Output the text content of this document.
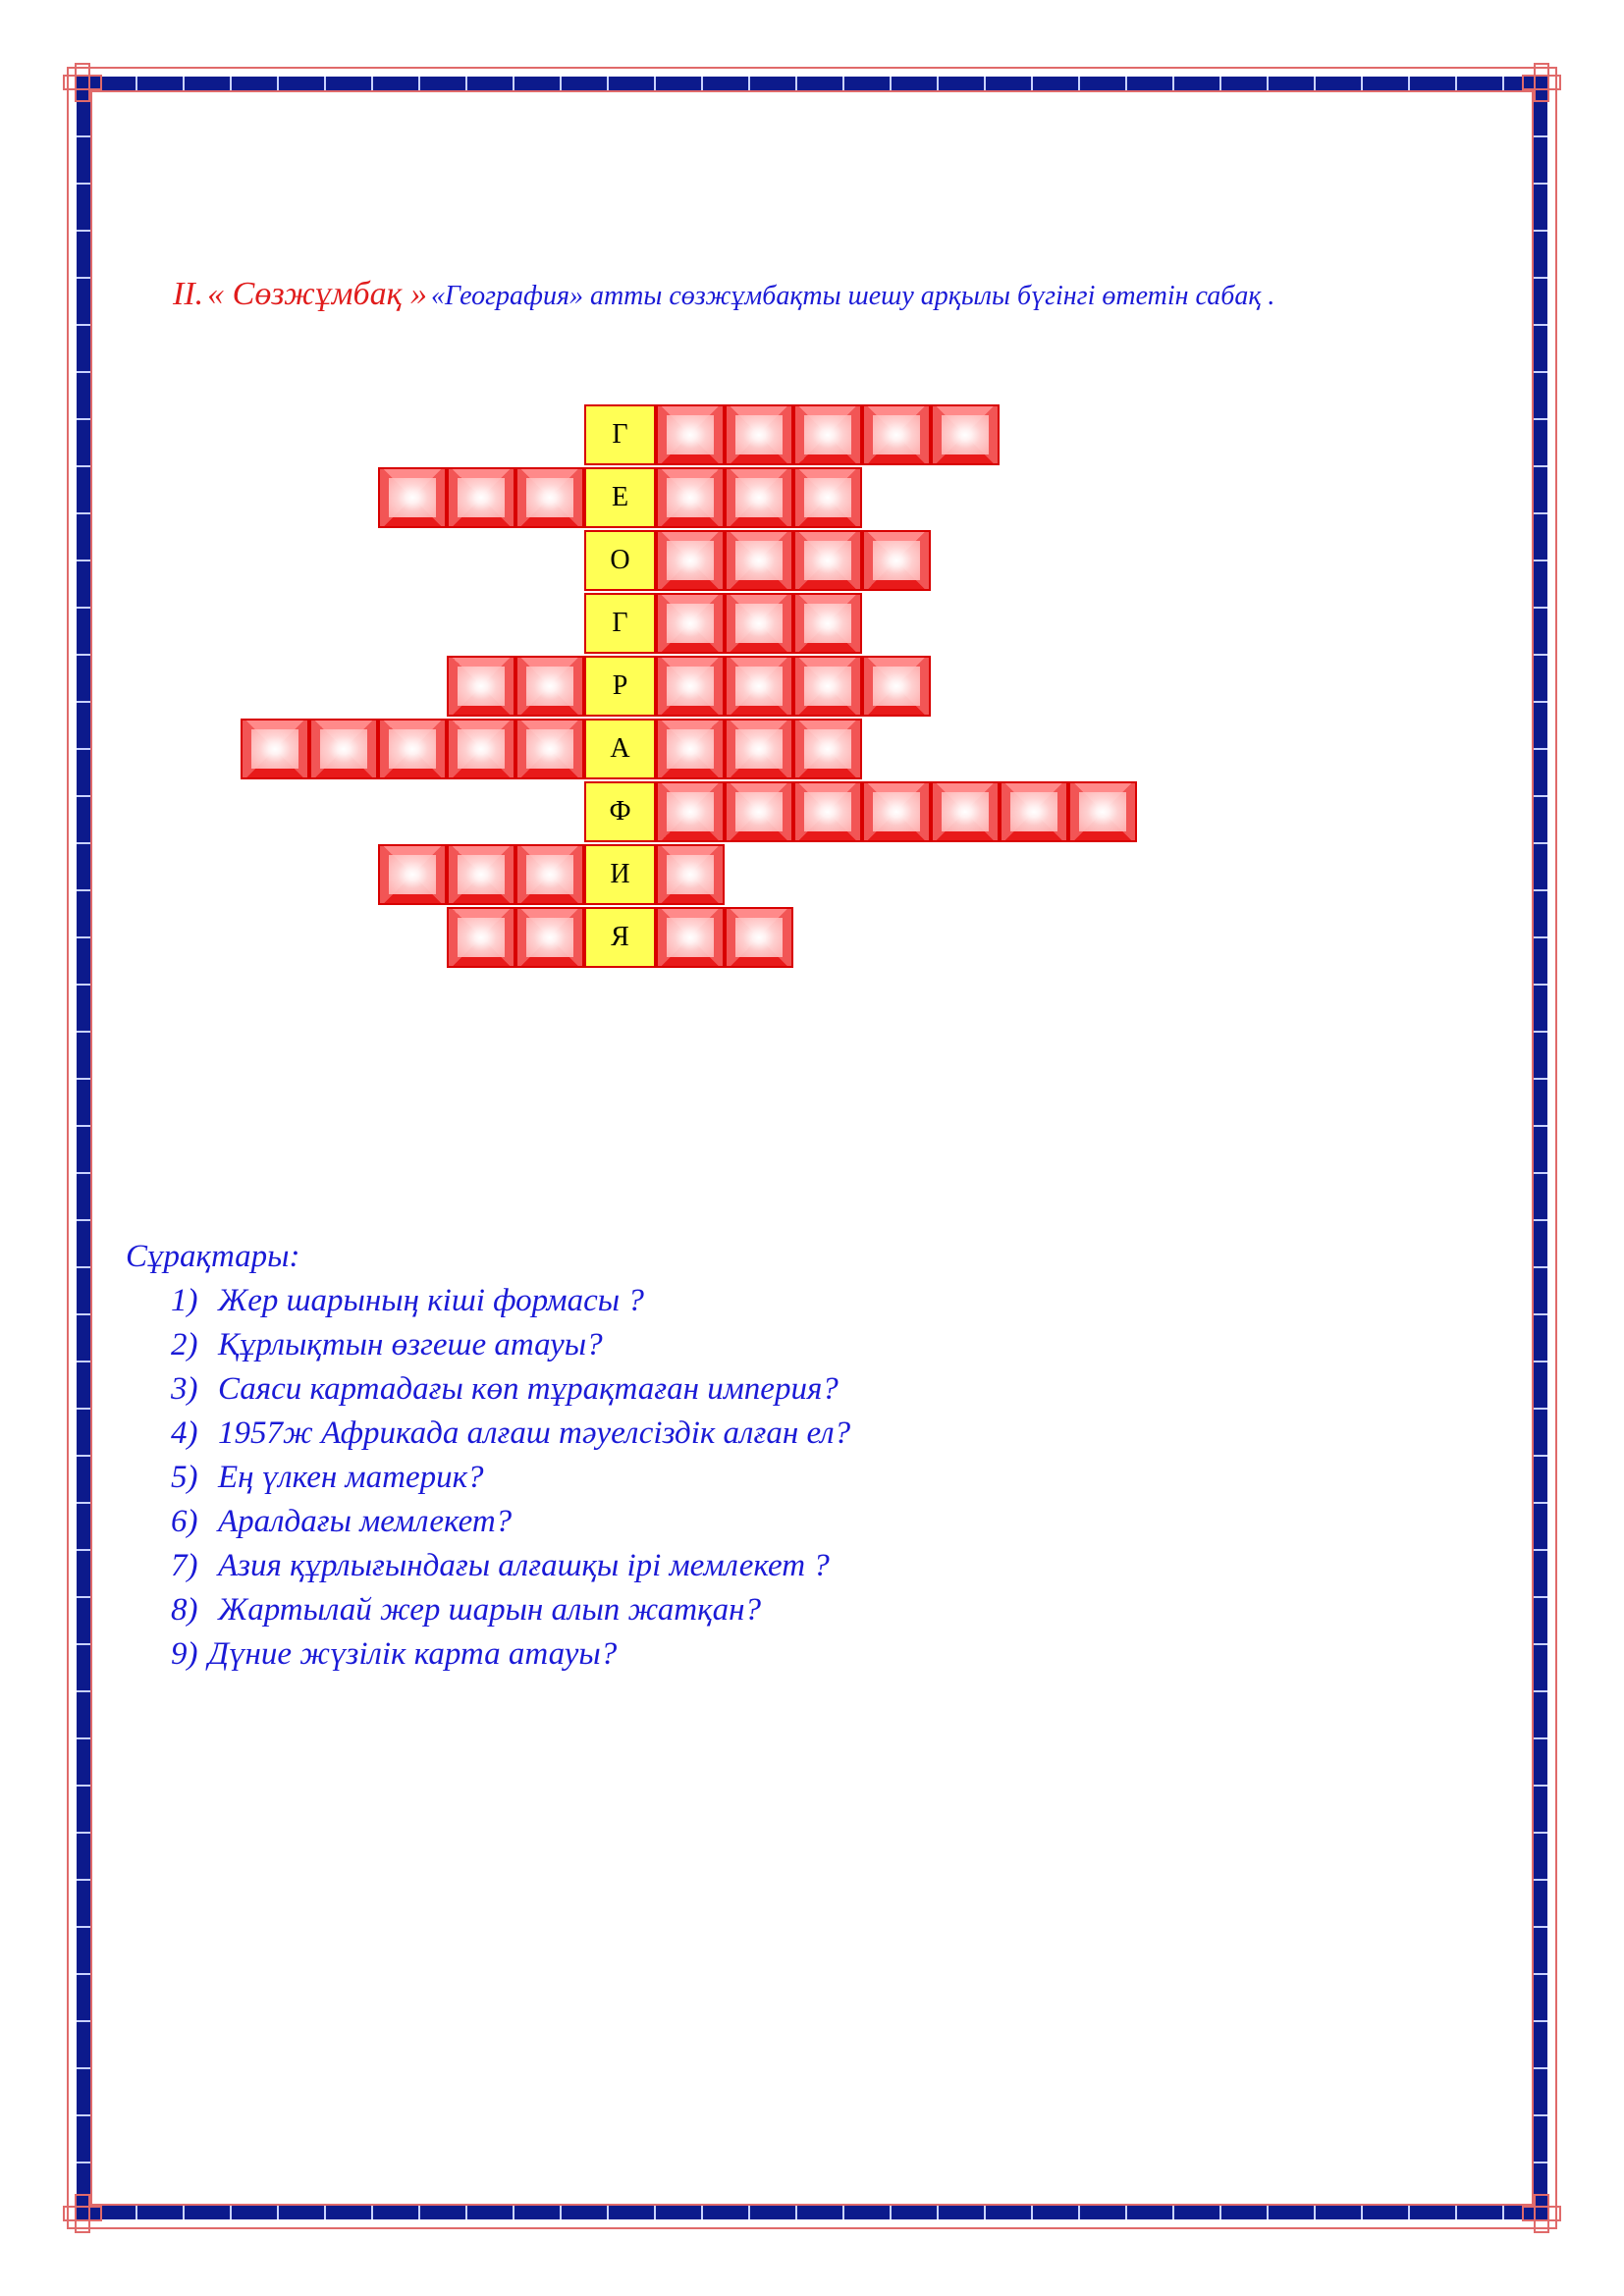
II. « Сөзжұмбақ » «География» атты сөзжұмбақты шешу арқылы бүгінгі өтетін сабақ .
Г
Е
О
Г
Р
А
Ф
И
Я
Сұрақтары:
1) Жер шарының кіші формасы ?
2) Құрлықтын өзгеше атауы?
3) Саяси картадағы көп тұрақтаған империя?
4) 1957ж Африкада алғаш тәуелсіздік алған ел?
5) Ең үлкен материк?
6) Аралдағы мемлекет?
7) Азия құрлығындағы алғашқы ірі мемлекет ?
8) Жартылай жер шарын алып жатқан?
9) Дүние жүзілік карта атауы?
